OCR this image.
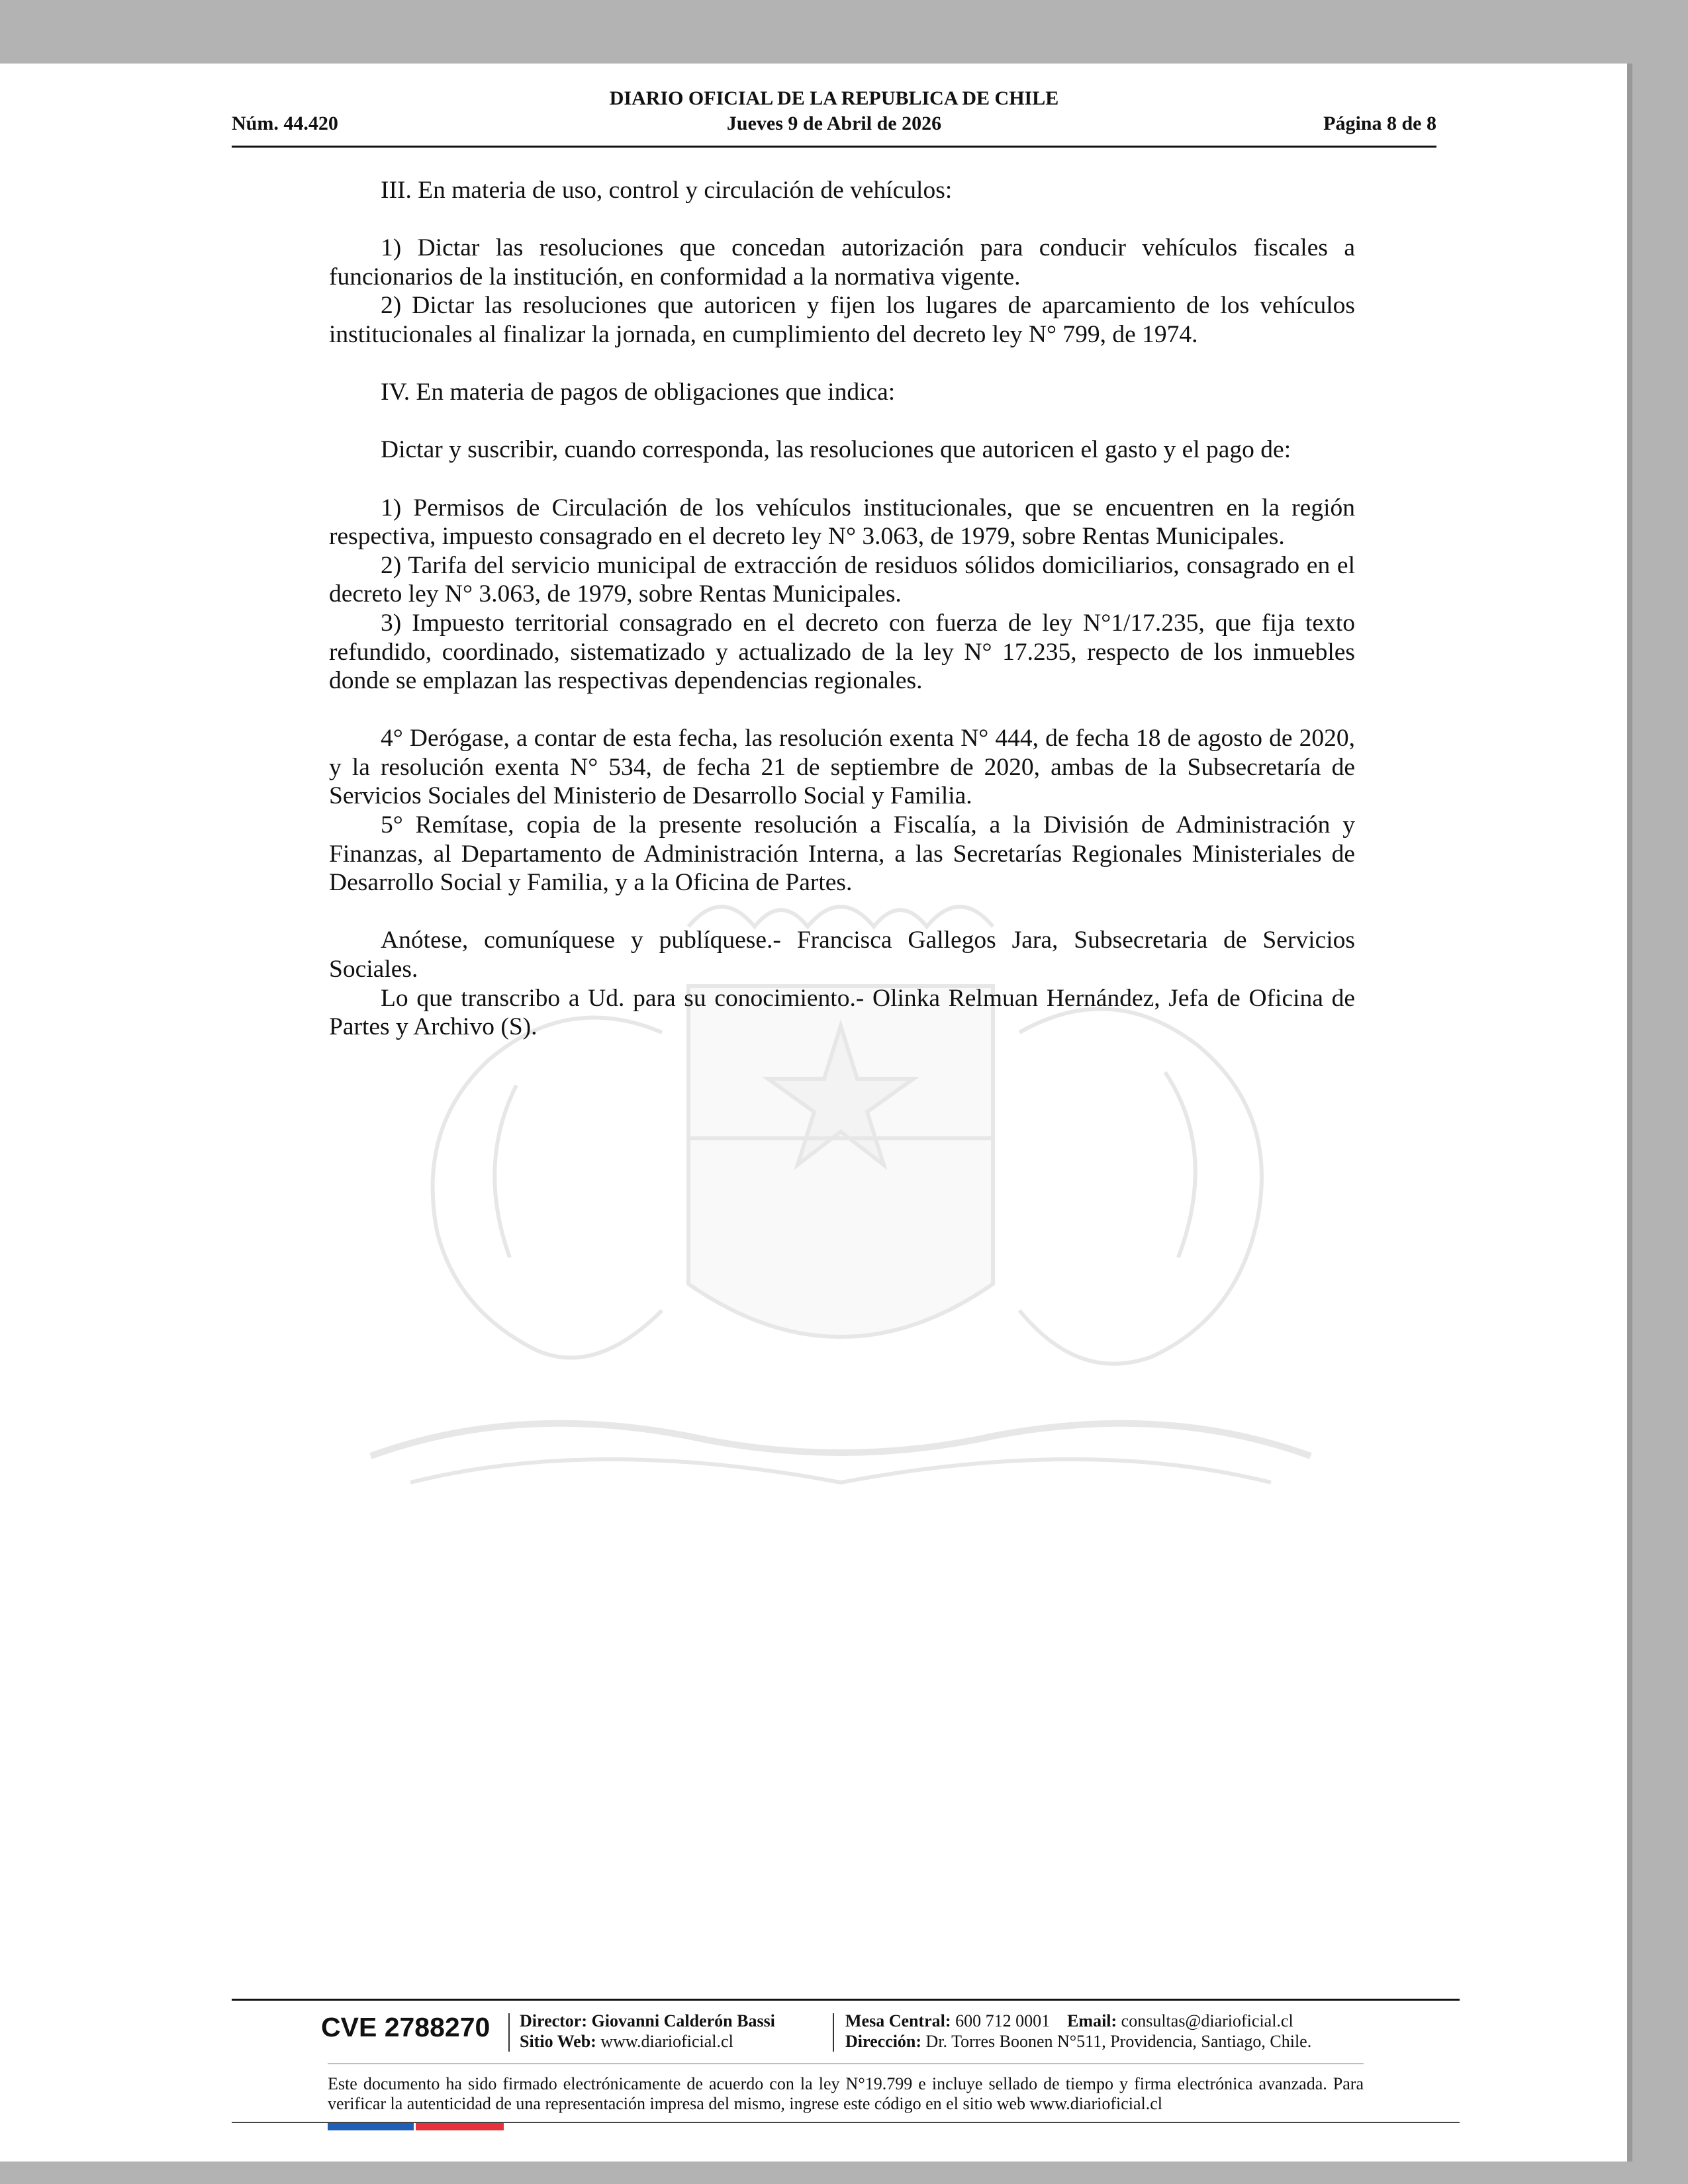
DIARIO OFICIAL DE LA REPUBLICA DE CHILE
Jueves 9 de Abril de 2026
Núm. 44.420	Página 8 de 8

III. En materia de uso, control y circulación de vehículos:

1) Dictar las resoluciones que concedan autorización para conducir vehículos fiscales a funcionarios de la institución, en conformidad a la normativa vigente.

2) Dictar las resoluciones que autoricen y fijen los lugares de aparcamiento de los vehículos institucionales al finalizar la jornada, en cumplimiento del decreto ley N° 799, de 1974.

IV. En materia de pagos de obligaciones que indica:

Dictar y suscribir, cuando corresponda, las resoluciones que autoricen el gasto y el pago de:

1) Permisos de Circulación de los vehículos institucionales, que se encuentren en la región respectiva, impuesto consagrado en el decreto ley N° 3.063, de 1979, sobre Rentas Municipales.

2) Tarifa del servicio municipal de extracción de residuos sólidos domiciliarios, consagrado en el decreto ley N° 3.063, de 1979, sobre Rentas Municipales.

3) Impuesto territorial consagrado en el decreto con fuerza de ley N°1/17.235, que fija texto refundido, coordinado, sistematizado y actualizado de la ley N° 17.235, respecto de los inmuebles donde se emplazan las respectivas dependencias regionales.

4° Derógase, a contar de esta fecha, las resolución exenta N° 444, de fecha 18 de agosto de 2020, y la resolución exenta N° 534, de fecha 21 de septiembre de 2020, ambas de la Subsecretaría de Servicios Sociales del Ministerio de Desarrollo Social y Familia.

5° Remítase, copia de la presente resolución a Fiscalía, a la División de Administración y Finanzas, al Departamento de Administración Interna, a las Secretarías Regionales Ministeriales de Desarrollo Social y Familia, y a la Oficina de Partes.

Anótese, comuníquese y publíquese.- Francisca Gallegos Jara, Subsecretaria de Servicios Sociales.

Lo que transcribo a Ud. para su conocimiento.- Olinka Relmuan Hernández, Jefa de Oficina de Partes y Archivo (S).

CVE 2788270 Director: Giovanni Calderón Bassi
Sitio Web: www.diarioficial.cl
Mesa Central: 600 712 0001 Email: consultas@diarioficial.cl
Dirección: Dr. Torres Boonen N°511, Providencia, Santiago, Chile.
Este documento ha sido firmado electrónicamente de acuerdo con la ley N°19.799 e incluye sellado de tiempo y firma electrónica avanzada. Para verificar la autenticidad de una representación impresa del mismo, ingrese este código en el sitio web www.diarioficial.cl
